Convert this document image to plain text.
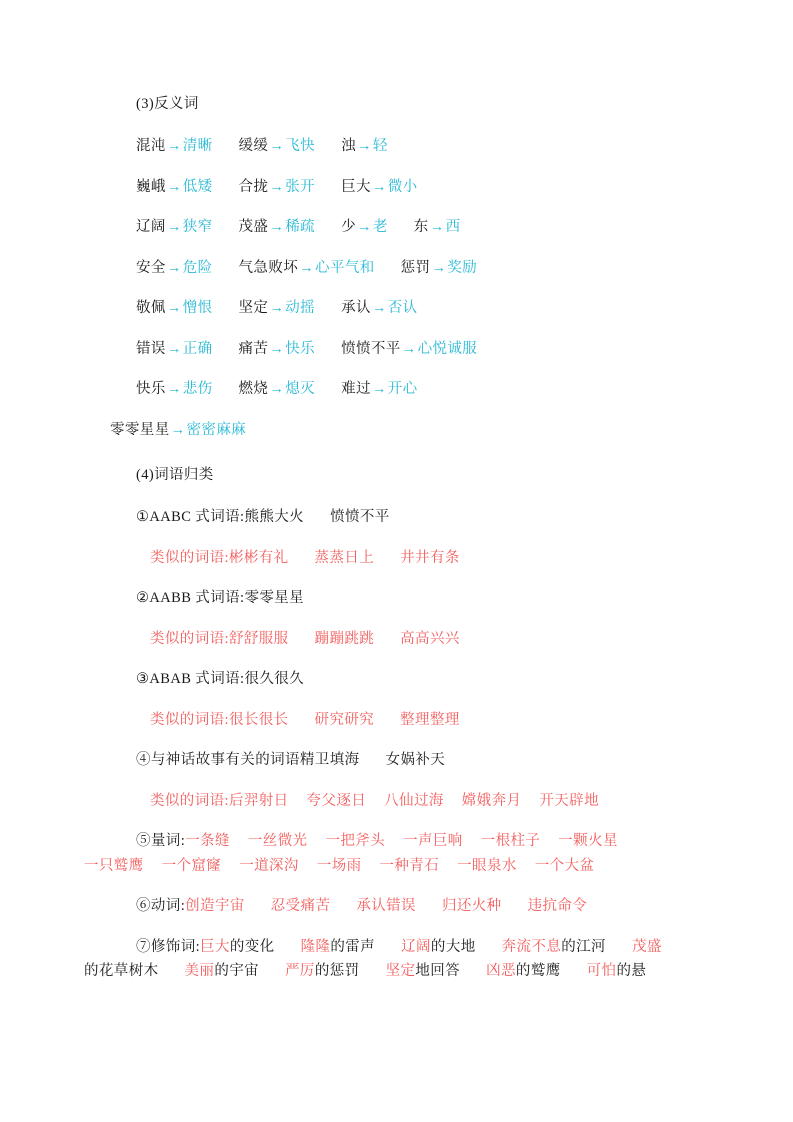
(3)反义词
混沌→清晰 缓缓→飞快 浊→轻
巍峨→低矮 合拢→张开 巨大→微小
辽阔→狭窄 茂盛→稀疏 少→老 东→西
安全→危险 气急败坏→心平气和 惩罚→奖励
敬佩→憎恨 坚定→动摇 承认→否认
错误→正确 痛苦→快乐 愤愤不平→心悦诚服
快乐→悲伤 燃烧→熄灭 难过→开心
零零星星→密密麻麻
(4)词语归类
①AABC 式词语:熊熊大火 愤愤不平
类似的词语:彬彬有礼 蒸蒸日上 井井有条
②AABB 式词语:零零星星
类似的词语:舒舒服服 蹦蹦跳跳 高高兴兴
③ABAB 式词语:很久很久
类似的词语:很长很长 研究研究 整理整理
④与神话故事有关的词语精卫填海 女娲补天
类似的词语:后羿射日 夸父逐日 八仙过海 嫦娥奔月 开天辟地
⑤量词:一条缝 一丝微光 一把斧头 一声巨响 一根柱子 一颗火星
一只鹫鹰 一个窟窿 一道深沟 一场雨 一种青石 一眼泉水 一个大盆
⑥动词:创造宇宙 忍受痛苦 承认错误 归还火种 违抗命令
⑦修饰词:巨大的变化 隆隆的雷声 辽阔的大地 奔流不息的江河 茂盛
的花草树木 美丽的宇宙 严厉的惩罚 坚定地回答 凶恶的鹫鹰 可怕的悬
